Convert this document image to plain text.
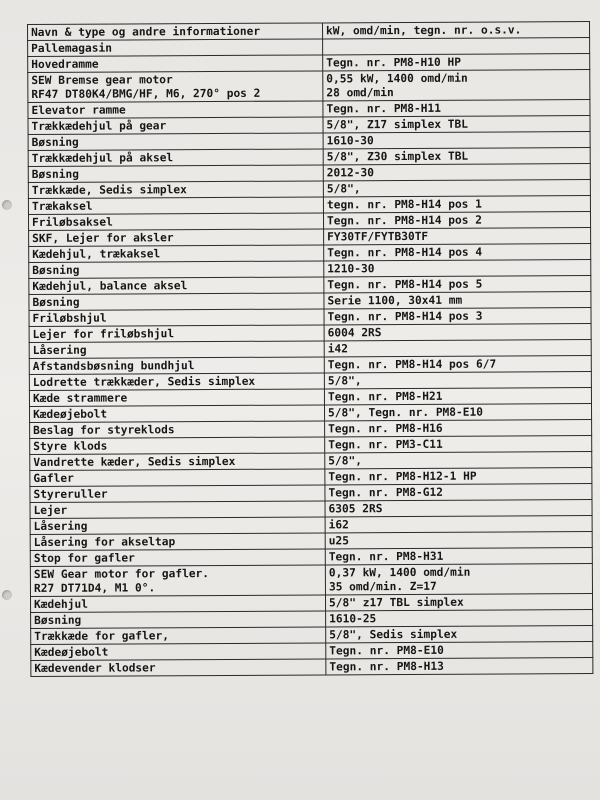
Navn & type og andre informationer	kW, omd/min, tegn. nr. o.s.v.

Pallemagasin	

Hovedramme	Tegn. nr. PM8-H10 HP

SEW Bremse gear motor
RF47 DT80K4/BMG/HF, M6, 270° pos 2	0,55 kW, 1400 omd/min
28 omd/min

Elevator ramme	Tegn. nr. PM8-H11

Trækkædehjul på gear	5/8", Z17 simplex TBL

Bøsning	1610-30

Trækkædehjul på aksel	5/8", Z30 simplex TBL

Bøsning	2012-30

Trækkæde, Sedis simplex	5/8",

Trækaksel	tegn. nr. PM8-H14 pos 1

Friløbsaksel	Tegn. nr. PM8-H14 pos 2

SKF, Lejer for aksler	FY30TF/FYTB30TF

Kædehjul, trækaksel	Tegn. nr. PM8-H14 pos 4

Bøsning	1210-30

Kædehjul, balance aksel	Tegn. nr. PM8-H14 pos 5

Bøsning	Serie 1100, 30x41 mm

Friløbshjul	Tegn. nr. PM8-H14 pos 3

Lejer for friløbshjul	6004 2RS

Låsering	i42

Afstandsbøsning bundhjul	Tegn. nr. PM8-H14 pos 6/7

Lodrette trækkæder, Sedis simplex	5/8",

Kæde strammere	Tegn. nr. PM8-H21

Kædeøjebolt	5/8", Tegn. nr. PM8-E10

Beslag for styreklods	Tegn. nr. PM8-H16

Styre klods	Tegn. nr. PM3-C11

Vandrette kæder, Sedis simplex	5/8",

Gafler	Tegn. nr. PM8-H12-1 HP

Styreruller	Tegn. nr. PM8-G12

Lejer	6305 2RS

Låsering	i62

Låsering for akseltap	u25

Stop for gafler	Tegn. nr. PM8-H31

SEW Gear motor for gafler.
R27 DT71D4, M1 0°.	0,37 kW, 1400 omd/min
35 omd/min. Z=17

Kædehjul	5/8" z17 TBL simplex

Bøsning	1610-25

Trækkæde for gafler,	5/8", Sedis simplex

Kædeøjebolt	Tegn. nr. PM8-E10

Kædevender klodser	Tegn. nr. PM8-H13
